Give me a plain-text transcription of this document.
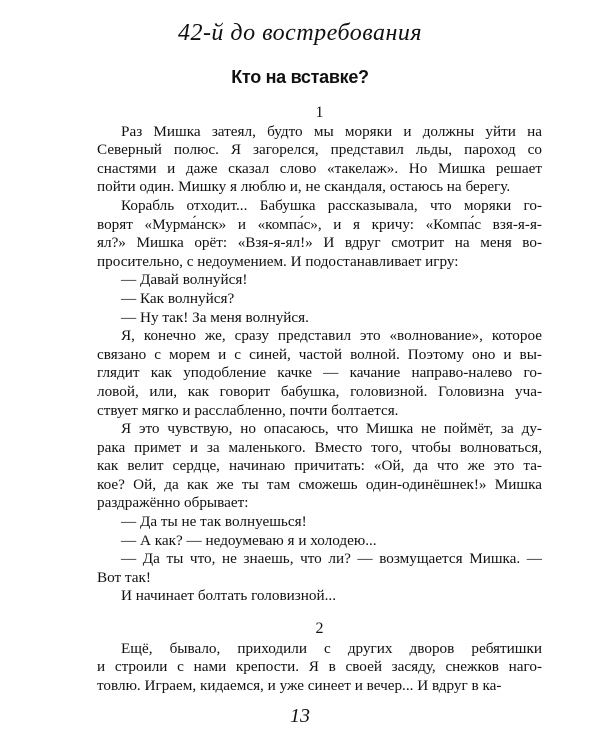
42-й до востребования
Кто на вставке?
1
Раз Мишка затеял, будто мы моряки и должны уйти на
Северный полюс. Я загорелся, представил льды, пароход со
снастями и даже сказал слово «такелаж». Но Мишка решает
пойти один. Мишку я люблю и, не скандаля, остаюсь на берегу.
Корабль отходит... Бабушка рассказывала, что моряки го-
ворят «Мурма́нск» и «компа́с», и я кричу: «Компа́с взя-я-я-
ял?» Мишка орёт: «Взя-я-ял!» И вдруг смотрит на меня во-
просительно, с недоумением. И подостанавливает игру:
— Давай волнуйся!
— Как волнуйся?
— Ну так! За меня волнуйся.
Я, конечно же, сразу представил это «волнование», которое
связано с морем и с синей, частой волной. Поэтому оно и вы-
глядит как уподобление качке — качание направо-налево го-
ловой, или, как говорит бабушка, головизной. Головизна уча-
ствует мягко и расслабленно, почти болтается.
Я это чувствую, но опасаюсь, что Мишка не поймёт, за ду-
рака примет и за маленького. Вместо того, чтобы волноваться,
как велит сердце, начинаю причитать: «Ой, да что же это та-
кое? Ой, да как же ты там сможешь один-одинёшнек!» Мишка
раздражённо обрывает:
— Да ты не так волнуешься!
— А как? — недоумеваю я и холодею...
— Да ты что, не знаешь, что ли? — возмущается Мишка. —
Вот так!
И начинает болтать головизной...
2
Ещё, бывало, приходили с других дворов ребятишки
и строили с нами крепости. Я в своей засяду, снежков наго-
товлю. Играем, кидаемся, и уже синеет и вечер... И вдруг в ка-
13
